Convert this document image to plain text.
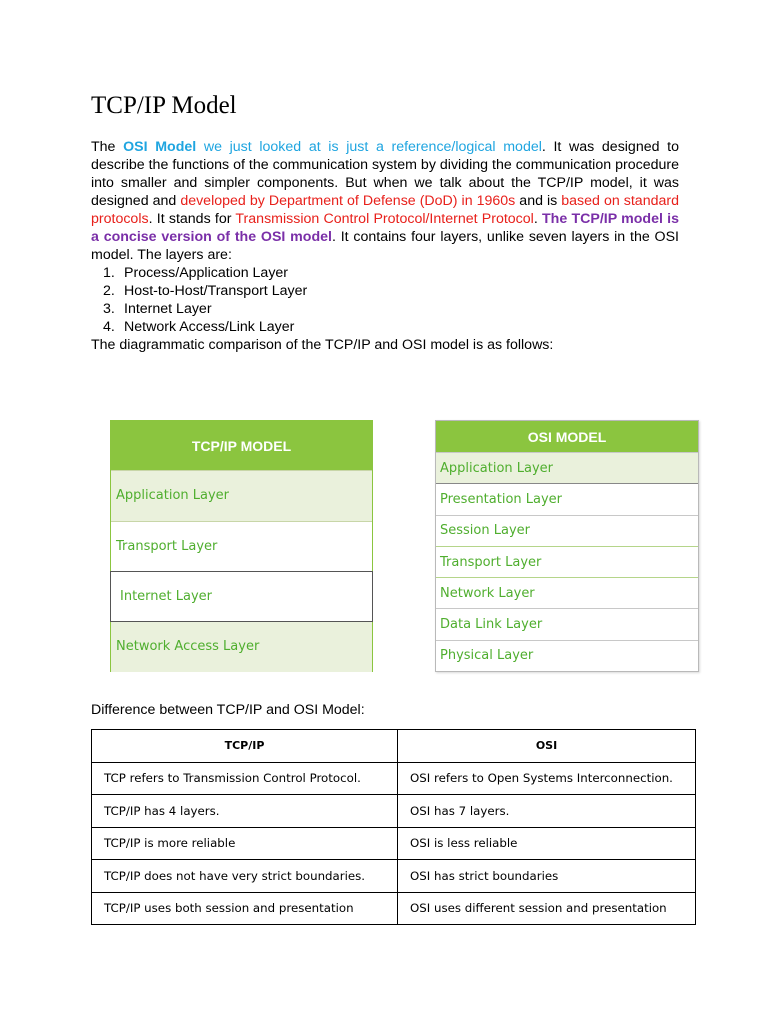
TCP/IP Model

The OSI Model we just looked at is just a reference/logical model. It was designed to describe the functions of the communication system by dividing the communication procedure into smaller and simpler components. But when we talk about the TCP/IP model, it was designed and developed by Department of Defense (DoD) in 1960s and is based on standard protocols. It stands for Transmission Control Protocol/Internet Protocol. The TCP/IP model is a concise version of the OSI model. It contains four layers, unlike seven layers in the OSI model. The layers are:

1. Process/Application Layer
2. Host-to-Host/Transport Layer
3. Internet Layer
4. Network Access/Link Layer

The diagrammatic comparison of the TCP/IP and OSI model is as follows:

TCP/IP MODEL
Application Layer
Transport Layer
Internet Layer
Network Access Layer
OSI MODEL
Application Layer
Presentation Layer
Session Layer
Transport Layer
Network Layer
Data Link Layer
Physical Layer

Difference between TCP/IP and OSI Model:

TCP/IP	OSI
TCP refers to Transmission Control Protocol.	OSI refers to Open Systems Interconnection.
TCP/IP has 4 layers.	OSI has 7 layers.
TCP/IP is more reliable	OSI is less reliable
TCP/IP does not have very strict boundaries.	OSI has strict boundaries
TCP/IP uses both session and presentation	OSI uses different session and presentation
